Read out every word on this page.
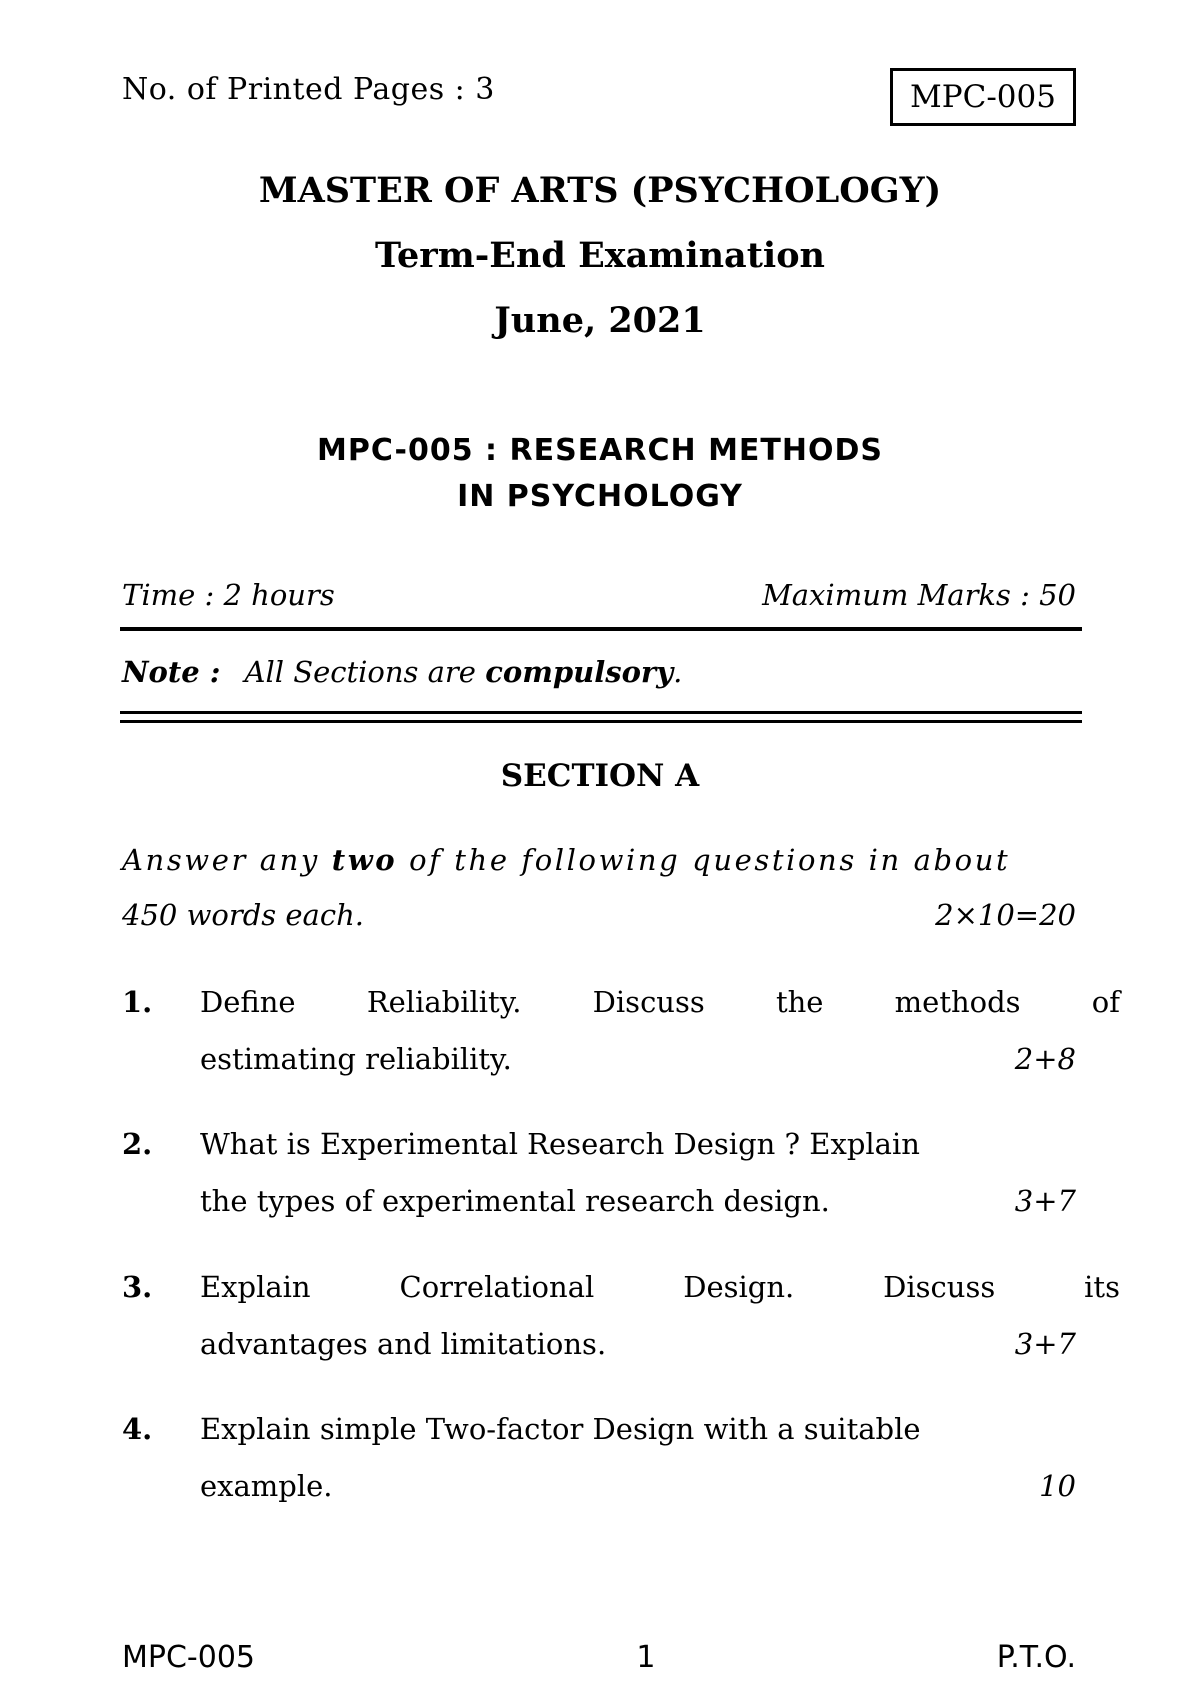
No. of Printed Pages : 3	MPC-005
MASTER OF ARTS (PSYCHOLOGY)
Term-End Examination
June, 2021
MPC-005 : RESEARCH METHODS
IN PSYCHOLOGY
Time : 2 hours	Maximum Marks : 50
Note : All Sections are compulsory.
SECTION A
Answer any two of the following questions in about
450 words each.	2×10=20
1. Define Reliability. Discuss the methods of
estimating reliability.	2+8
2. What is Experimental Research Design ? Explain
the types of experimental research design.	3+7
3. Explain	Correlational	Design.	Discuss	its
advantages and limitations.	3+7
4. Explain simple Two-factor Design with a suitable
example.	10
MPC-005	1	P.T.O.
